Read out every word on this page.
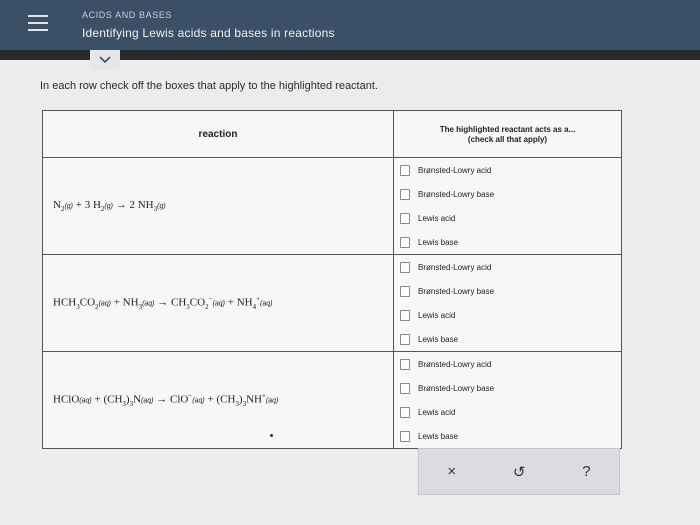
ACIDS AND BASES
Identifying Lewis acids and bases in reactions
In each row check off the boxes that apply to the highlighted reactant.
reaction	The highlighted reactant acts as a...
(check all that apply)

$N_2(g) + 3$ $H_2(g) \to 2$ $NH_3(g)$	Brønsted-Lowry acid
Brønsted-Lowry base
Lewis acid
Lewis base

$HCH_3CO_2(aq) + NH_3(aq) \to CH_3CO_2^-(aq) + NH_4^+(aq)$	Brønsted-Lowry acid
Brønsted-Lowry base
Lewis acid
Lewis base

HClO(aq) + $(CH_3)_3N(aq) \to ClO^-(aq) + (CH_3)_3NH^+(aq)$	Brønsted-Lowry acid
Brønsted-Lowry base
Lewis acid
Lewis base
×	↺	?
